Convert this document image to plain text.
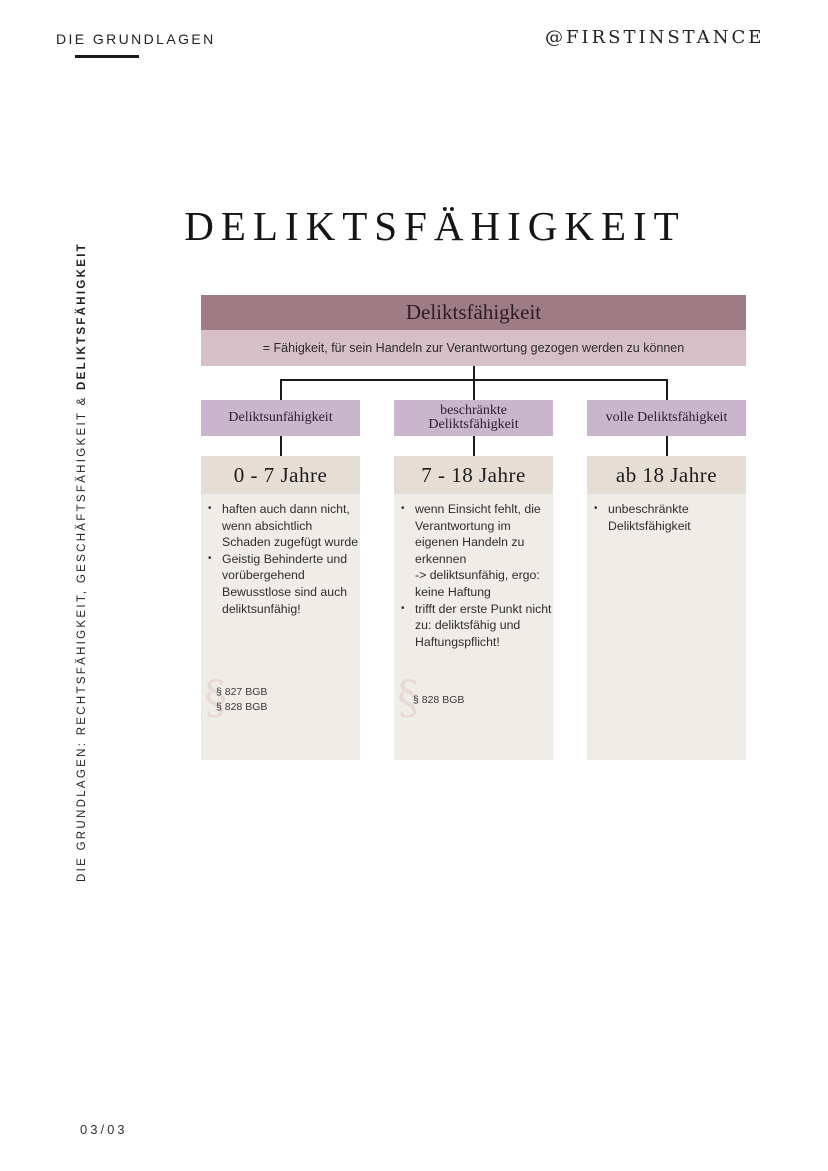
DIE GRUNDLAGEN	@FIRSTINSTANCE
DIE GRUNDLAGEN: RECHTSFÄHIGKEIT, GESCHÄFTSFÄHIGKEIT & DELIKTSFÄHIGKEIT
DELIKTSFÄHIGKEIT
Deliktsfähigkeit
= Fähigkeit, für sein Handeln zur Verantwortung gezogen werden zu können
Deliktsunfähigkeit
0 - 7 Jahre
• haften auch dann nicht, wenn absichtlich Schaden zugefügt wurde
• Geistig Behinderte und vorübergehend Bewusstlose sind auch deliktsunfähig!
§
§ 827 BGB
§ 828 BGB
beschränkte
Deliktsfähigkeit
7 - 18 Jahre
• wenn Einsicht fehlt, die Verantwortung im eigenen Handeln zu erkennen
-> deliktsunfähig, ergo: keine Haftung
• trifft der erste Punkt nicht zu: deliktsfähig und Haftungspflicht!
§
§ 828 BGB
volle Deliktsfähigkeit
ab 18 Jahre
• unbeschränkte Deliktsfähigkeit
03/03
